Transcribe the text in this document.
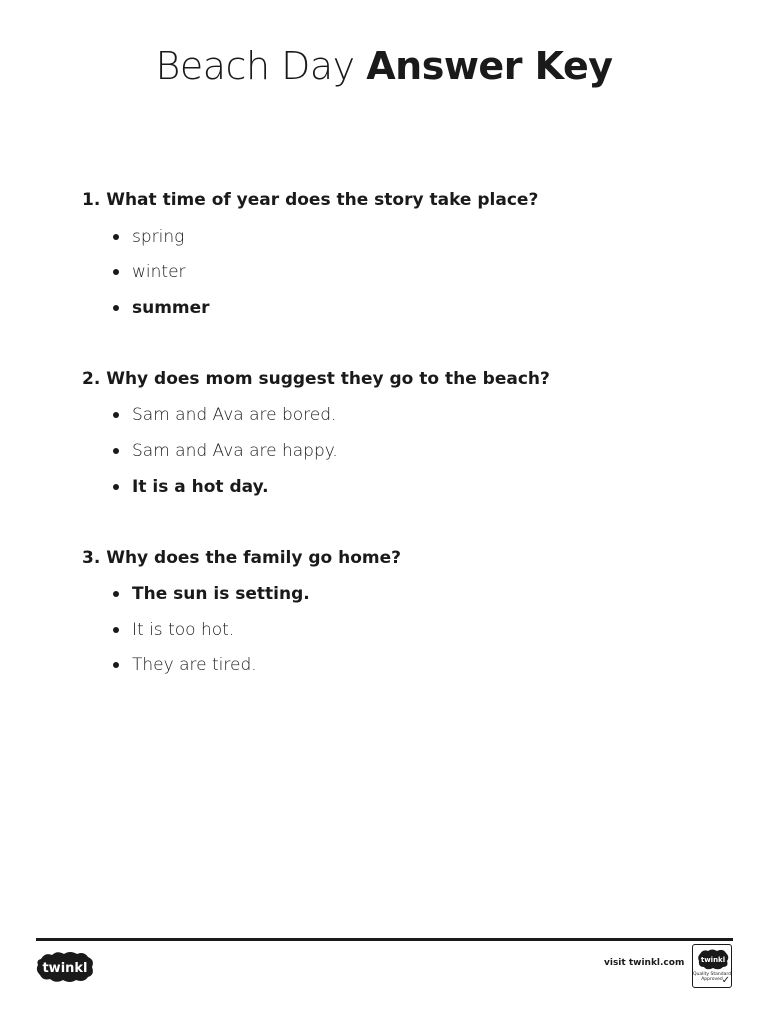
Beach Day Answer Key
1. What time of year does the story take place?
spring
winter
summer
2. Why does mom suggest they go to the beach?
Sam and Ava are bored.
Sam and Ava are happy.
It is a hot day.
3. Why does the family go home?
The sun is setting.
It is too hot.
They are tired.
twinkl	visit twinkl.com twinkl
Quality Standard
Approved
✓
